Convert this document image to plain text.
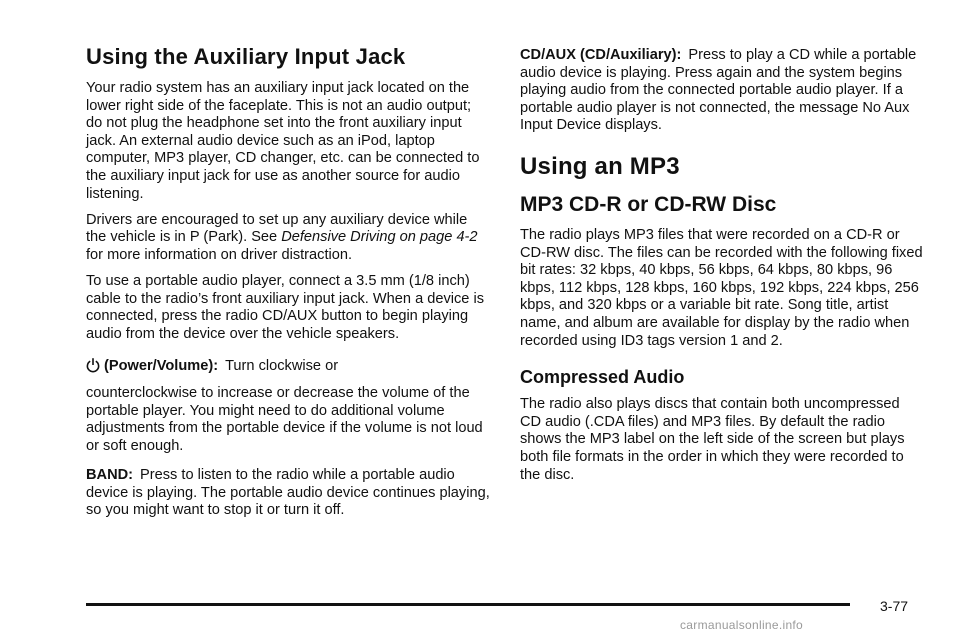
Using the Auxiliary Input Jack

Your radio system has an auxiliary input jack located on the lower right side of the faceplate. This is not an audio output; do not plug the headphone set into the front auxiliary input jack. An external audio device such as an iPod, laptop computer, MP3 player, CD changer, etc. can be connected to the auxiliary input jack for use as another source for audio listening.

Drivers are encouraged to set up any auxiliary device while the vehicle is in P (Park). See Defensive Driving on page 4-2 for more information on driver distraction.

To use a portable audio player, connect a 3.5 mm (1/8 inch) cable to the radio’s front auxiliary input jack. When a device is connected, press the radio CD/AUX button to begin playing audio from the device over the vehicle speakers.

(Power/Volume): Turn clockwise or

counterclockwise to increase or decrease the volume of the portable player. You might need to do additional volume adjustments from the portable device if the volume is not loud or soft enough.

BAND: Press to listen to the radio while a portable audio device is playing. The portable audio device continues playing, so you might want to stop it or turn it off.

CD/AUX (CD/Auxiliary): Press to play a CD while a portable audio device is playing. Press again and the system begins playing audio from the connected portable audio player. If a portable audio player is not connected, the message No Aux Input Device displays.

Using an MP3
MP3 CD-R or CD-RW Disc

The radio plays MP3 files that were recorded on a CD-R or CD-RW disc. The files can be recorded with the following fixed bit rates: 32 kbps, 40 kbps, 56 kbps, 64 kbps, 80 kbps, 96 kbps, 112 kbps, 128 kbps, 160 kbps, 192 kbps, 224 kbps, 256 kbps, and 320 kbps or a variable bit rate. Song title, artist name, and album are available for display by the radio when recorded using ID3 tags version 1 and 2.

Compressed Audio

The radio also plays discs that contain both uncompressed CD audio (.CDA files) and MP3 files. By default the radio shows the MP3 label on the left side of the screen but plays both file formats in the order in which they were recorded to the disc.

3-77
carmanualsonline.info
